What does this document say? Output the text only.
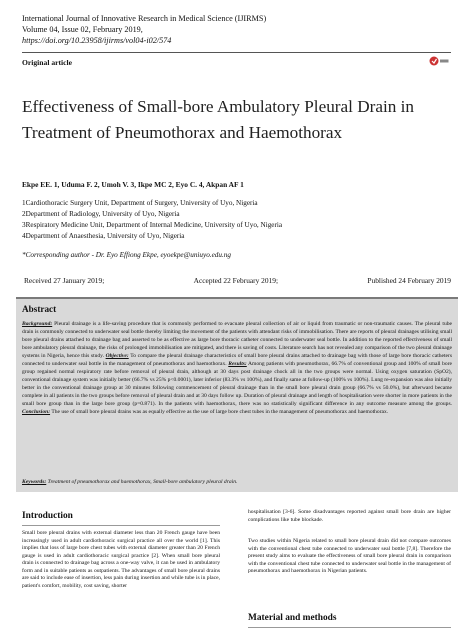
International Journal of Innovative Research in Medical Science (IJIRMS)
Volume 04, Issue 02, February 2019,
https://doi.org/10.23958/ijirms/vol04-i02/574
Original article
Effectiveness of Small-bore Ambulatory Pleural Drain in Treatment of Pneumothorax and Haemothorax
Ekpe EE. 1, Uduma F. 2, Umoh V. 3, Ikpe MC 2, Eyo C. 4, Akpan AF 1
1Cardiothoracic Surgery Unit, Department of Surgery, University of Uyo, Nigeria
2Department of Radiology, University of Uyo, Nigeria
3Respiratory Medicine Unit, Department of Internal Medicine, University of Uyo, Nigeria
4Department of Anaesthesia, University of Uyo, Nigeria
*Corresponding author - Dr. Eyo Effiong Ekpe, eyoekpe@uniuyo.edu.ng
Received 27 January 2019;	Accepted 22 February 2019;	Published 24 February 2019
Abstract
Background: Pleural drainage is a life-saving procedure that is commonly performed to evacuate pleural collection of air or liquid from traumatic or non-traumatic causes. The pleural tube drain is commonly connected to underwater seal bottle thereby limiting the movement of the patients with attendant risks of immobilisation. There are reports of pleural drainages utilising small bore pleural drains attached to drainage bag and asserted to be as effective as large bore thoracic catheter connected to underwater seal bottle. In addition to the reported effectiveness of small bore ambulatory pleural drainage, the risks of prolonged immobilisation are mitigated, and there is saving of costs. Literature search has not revealed any comparison of the two pleural drainage systems in Nigeria, hence this study. Objective: To compare the pleural drainage characteristics of small bore pleural drains attached to drainage bag with those of large bore thoracic catheters connected to underwater seal bottle in the management of pneumothorax and haemothorax. Results: Among patients with pneumothorax, 66.7% of conventional group and 100% of small bore group regained normal respiratory rate before removal of pleural drain, although at 30 days post drainage chock all in the two groups were normal. Using oxygen saturation (SpO2), conventional drainage system was initially better (66.7% vs 25% p<0.0001), later inferior (83.3% vs 100%), and finally same at follow-up (100% vs 100%). Lung re-expansion was also initially better in the conventional drainage group at 30 minutes following commencement of pleural drainage than in the small bore pleural drain group (66.7% vs 50.0%), but afterward became complete in all patients in the two groups before removal of pleural drain and at 30 days follow up. Duration of pleural drainage and length of hospitalisation were shorter in more patients in the small bore group than in the large bore group (p=0.871). In the patients with haemothorax, there was no statistically significant difference in any outcome measure among the groups. Conclusion: The use of small bore pleural drains was as equally effective as the use of large bore chest tubes in the management of pneumothorax and haemothorax.
Keywords: Treatment of pneumothorax and haemothorax, Small-bore ambulatory pleural drain.
Introduction
Small bore pleural drains with external diameter less than 20 French gauge have been increasingly used in adult cardiothoracic surgical practice all over the world [1]. This implies that loss of large bore chest tubes with external diameter greater than 20 French gauge is used in adult cardiothoracic surgical practice [2]. When small bore pleural drain is connected to drainage bag across a one-way valve, it can be used in ambulatory form and in suitable patients as outpatients. The advantages of small bore pleural drains are said to include ease of insertion, less pain during insertion and while tube is in place, patient's comfort, mobility, cost saving, shorter
hospitalisation [3-6]. Some disadvantages reported against small bore drain are higher complications like tube blockade.
Two studies within Nigeria related to small bore pleural drain did not compare outcomes with the conventional chest tube connected to underwater seal bottle [7,8]. Therefore the present study aims to evaluate the effectiveness of small bore pleural drain in comparison with the conventional chest tube connected to underwater seal bottle in the management of pneumothorax and haemothorax in Nigerian patients.
Material and methods
